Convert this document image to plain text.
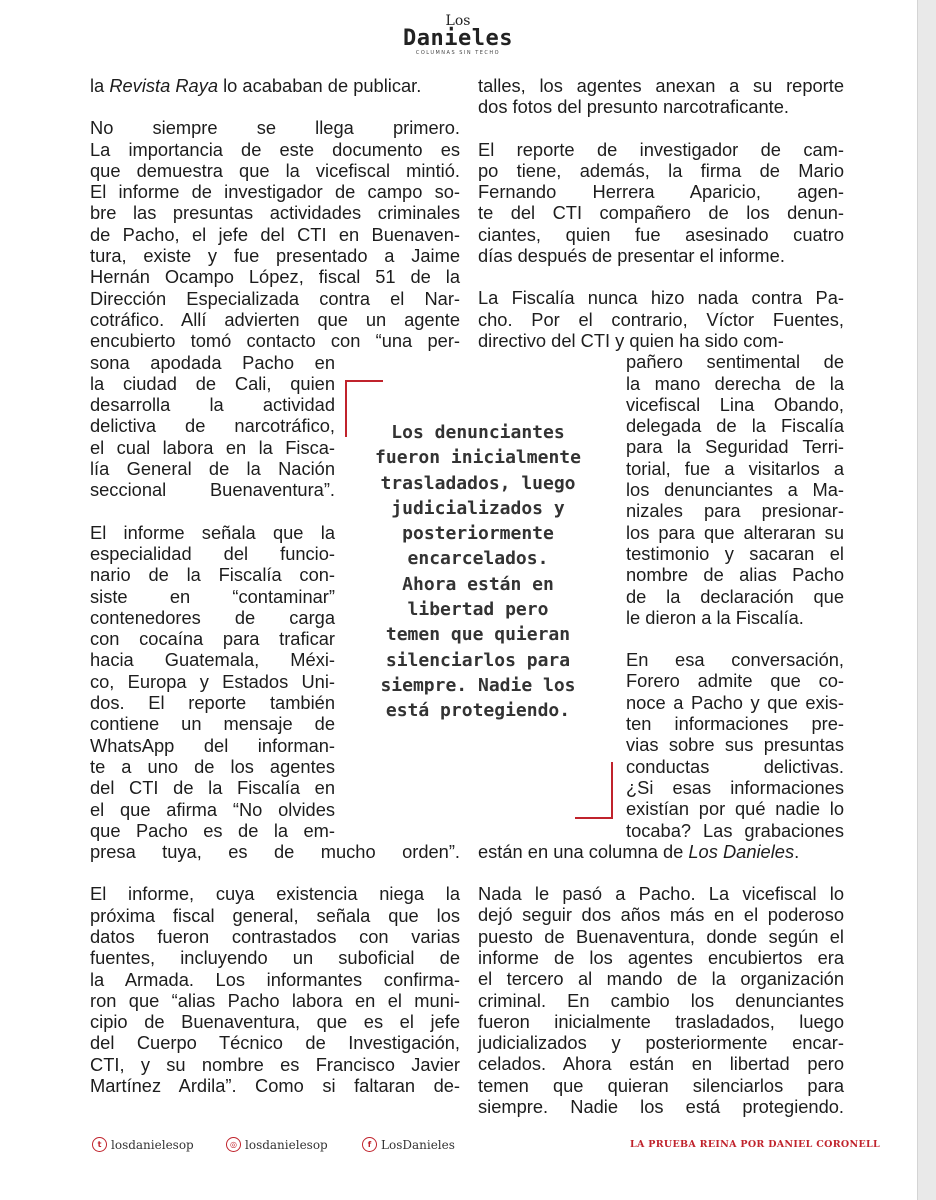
Los
Danieles
COLUMNAS SIN TECHO
la Revista Raya lo acababan de publicar.
No siempre se llega primero.
La importancia de este documento es
que demuestra que la vicefiscal mintió.
El informe de investigador de campo so-
bre las presuntas actividades criminales
de Pacho, el jefe del CTI en Buenaven-
tura, existe y fue presentado a Jaime
Hernán Ocampo López, fiscal 51 de la
Dirección Especializada contra el Nar-
cotráfico. Allí advierten que un agente
encubierto tomó contacto con “una per-
sona apodada Pacho en
la ciudad de Cali, quien
desarrolla la actividad
delictiva de narcotráfico,
el cual labora en la Fisca-
lía General de la Nación
seccional Buenaventura”.
El informe señala que la
especialidad del funcio-
nario de la Fiscalía con-
siste en “contaminar”
contenedores de carga
con cocaína para traficar
hacia Guatemala, Méxi-
co, Europa y Estados Uni-
dos. El reporte también
contiene un mensaje de
WhatsApp del informan-
te a uno de los agentes
del CTI de la Fiscalía en
el que afirma “No olvides
que Pacho es de la em-
presa tuya, es de mucho orden”.
El informe, cuya existencia niega la
próxima fiscal general, señala que los
datos fueron contrastados con varias
fuentes, incluyendo un suboficial de
la Armada. Los informantes confirma-
ron que “alias Pacho labora en el muni-
cipio de Buenaventura, que es el jefe
del Cuerpo Técnico de Investigación,
CTI, y su nombre es Francisco Javier
Martínez Ardila”. Como si faltaran de-
talles, los agentes anexan a su reporte
dos fotos del presunto narcotraficante.
El reporte de investigador de cam-
po tiene, además, la firma de Mario
Fernando Herrera Aparicio, agen-
te del CTI compañero de los denun-
ciantes, quien fue asesinado cuatro
días después de presentar el informe.
La Fiscalía nunca hizo nada contra Pa-
cho. Por el contrario, Víctor Fuentes,
directivo del CTI y quien ha sido com-
pañero sentimental de
la mano derecha de la
vicefiscal Lina Obando,
delegada de la Fiscalía
para la Seguridad Terri-
torial, fue a visitarlos a
los denunciantes a Ma-
nizales para presionar-
los para que alteraran su
testimonio y sacaran el
nombre de alias Pacho
de la declaración que
le dieron a la Fiscalía.
En esa conversación,
Forero admite que co-
noce a Pacho y que exis-
ten informaciones pre-
vias sobre sus presuntas
conductas delictivas.
¿Si esas informaciones
existían por qué nadie lo
tocaba? Las grabaciones
están en una columna de Los Danieles.
Nada le pasó a Pacho. La vicefiscal lo
dejó seguir dos años más en el poderoso
puesto de Buenaventura, donde según el
informe de los agentes encubiertos era
el tercero al mando de la organización
criminal. En cambio los denunciantes
fueron inicialmente trasladados, luego
judicializados y posteriormente encar-
celados. Ahora están en libertad pero
temen que quieran silenciarlos para
siempre. Nadie los está protegiendo.
Los denunciantes
fueron inicialmente
trasladados, luego
judicializados y
posteriormente
encarcelados.
Ahora están en
libertad pero
temen que quieran
silenciarlos para
siempre. Nadie los
está protegiendo.
t losdanielesop	◎ losdanielesop	f LosDanieles	LA PRUEBA REINA POR DANIEL CORONELL
